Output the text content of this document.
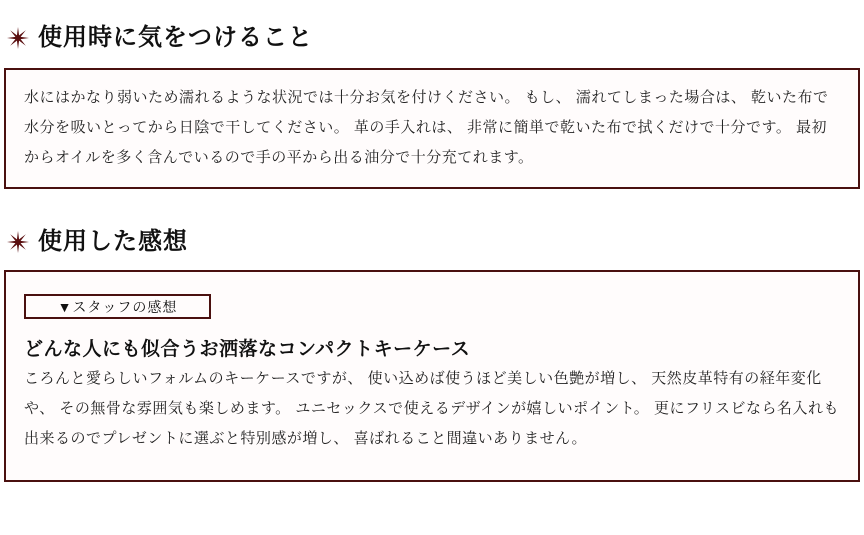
使用時に気をつけること

水にはかなり弱いため濡れるような状況では十分お気を付けください。 もし、 濡れてしまった場合は、 乾いた布で水分を吸いとってから日陰で干してください。 革の手入れは、 非常に簡単で乾いた布で拭くだけで十分です。 最初からオイルを多く含んでいるので手の平から出る油分で十分充てれます。

使用した感想
▼スタッフの感想
どんな人にも似合うお洒落なコンパクトキーケース

ころんと愛らしいフォルムのキーケースですが、 使い込めば使うほど美しい色艶が増し、 天然皮革特有の経年変化や、 その無骨な雰囲気も楽しめます。 ユニセックスで使えるデザインが嬉しいポイント。 更にフリスビなら名入れも出来るのでプレゼントに選ぶと特別感が増し、 喜ばれること間違いありません。
